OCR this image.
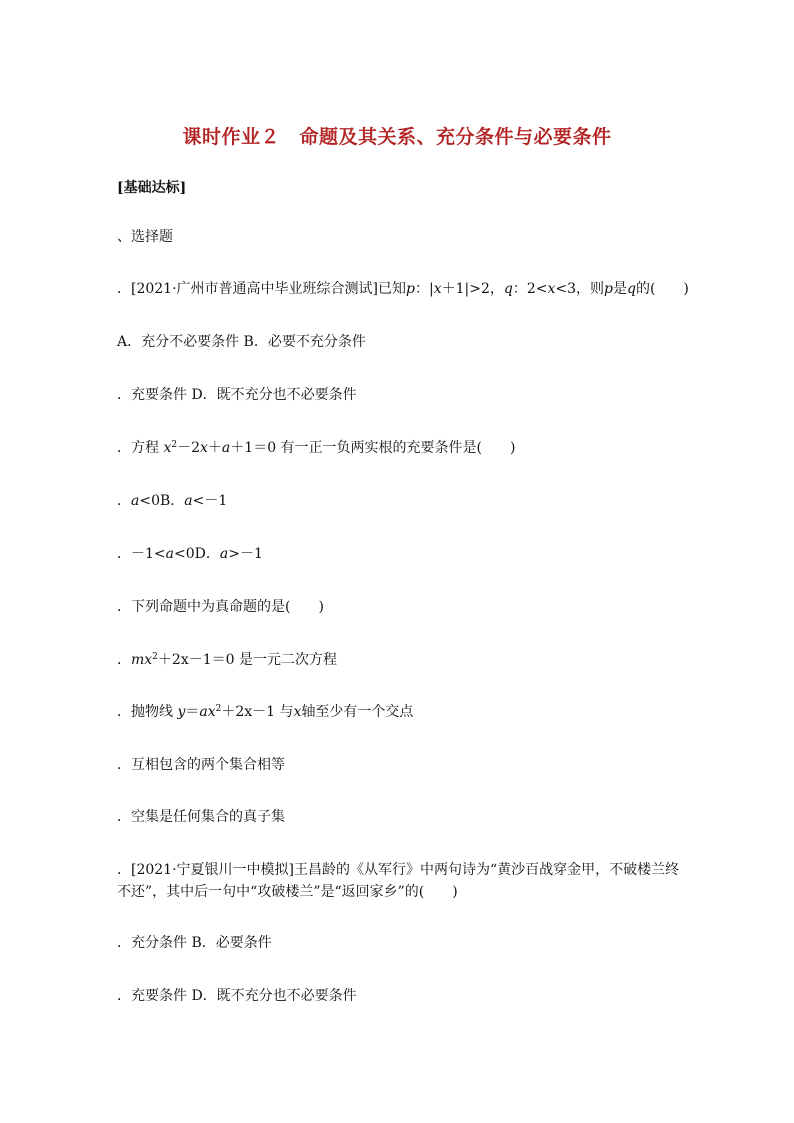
课时作业２　命题及其关系、充分条件与必要条件
[基础达标]
、选择题
．[2021·广州市普通高中毕业班综合测试]已知p：|x＋1|>2，q：2<x<3，则p是q的(　　)
A．充分不必要条件 B．必要不充分条件
．充要条件 D．既不充分也不必要条件
．方程 $x^2-2x+a+1=0$ 有一正一负两实根的充要条件是(　　)
．a<0B．a<－1
．－1<a<0D．a>－1
．下列命题中为真命题的是(　　)
．$mx^2+2x-1=0$ 是一元二次方程
．抛物线 $y=ax^2+2x-1$ 与x轴至少有一个交点
．互相包含的两个集合相等
．空集是任何集合的真子集
．[2021·宁夏银川一中模拟]王昌龄的《从军行》中两句诗为“黄沙百战穿金甲，不破楼兰终不还”，其中后一句中“攻破楼兰”是“返回家乡”的(　　)
．充分条件 B．必要条件
．充要条件 D．既不充分也不必要条件
